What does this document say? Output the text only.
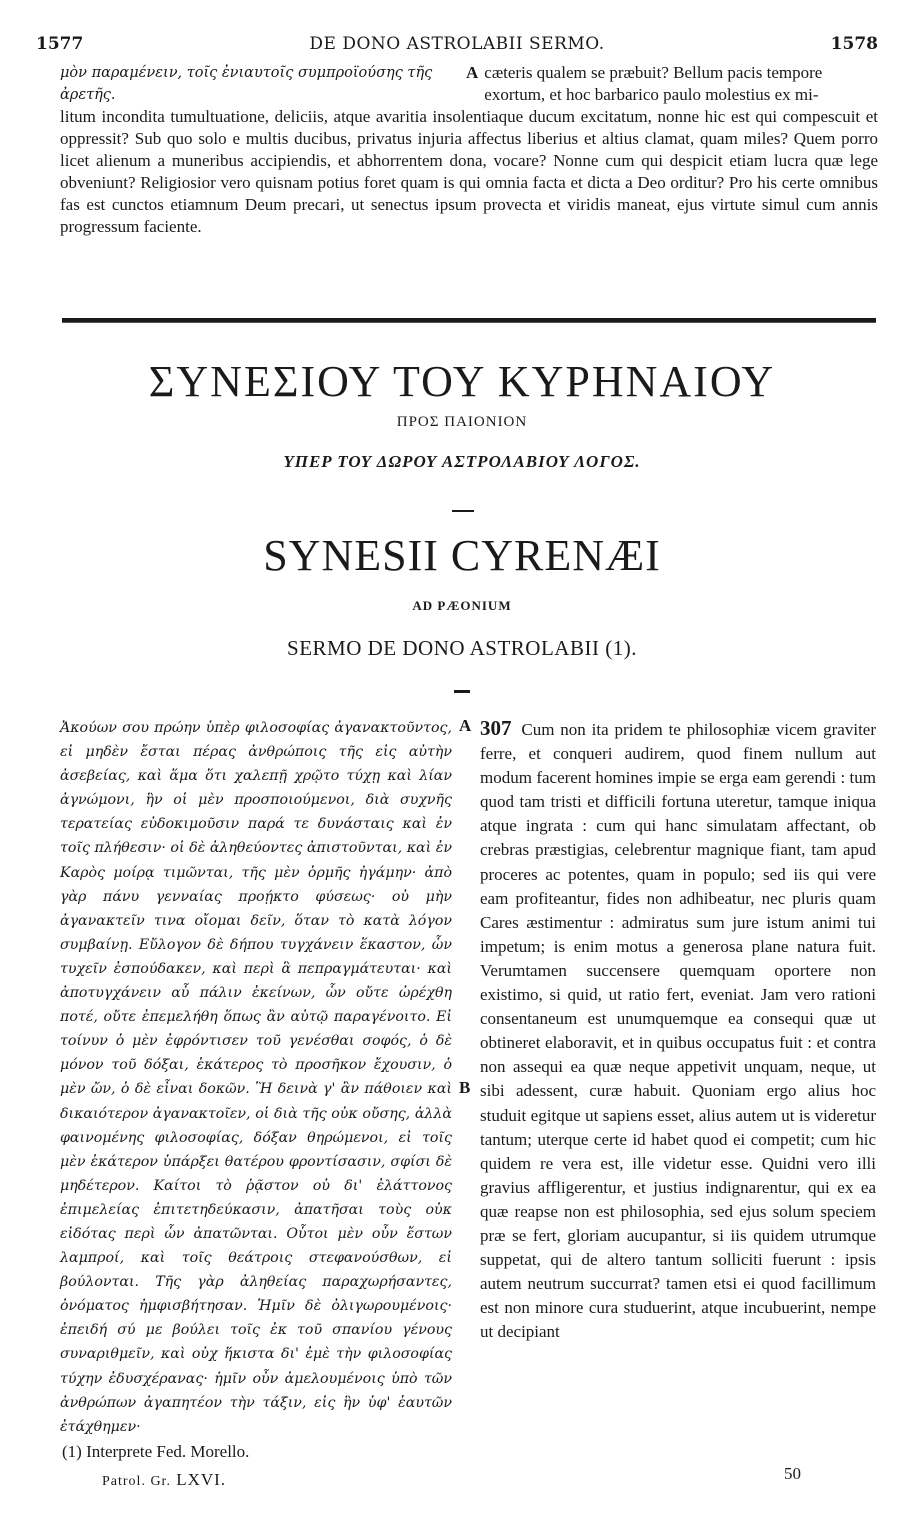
1577	DE DONO ASTROLABII SERMO.	1578
μὸν παραμένειν, τοῖς ἐνιαυτοῖς συμπροϊούσης τῆς
ἀρετῆς.
A cæteris qualem se præbuit? Bellum pacis tempore
exortum, et hoc barbarico paulo molestius ex mi-

litum incondita tumultuatione, deliciis, atque avaritia insolentiaque ducum excitatum, nonne hic est qui compescuit et oppressit? Sub quo solo e multis ducibus, privatus injuria affectus liberius et altius clamat, quam miles? Quem porro licet alienum a muneribus accipiendis, et abhorrentem dona, vocare? Nonne cum qui despicit etiam lucra quæ lege obveniunt? Religiosior vero quisnam potius foret quam is qui omnia facta et dicta a Deo orditur? Pro his certe omnibus fas est cunctos etiamnum Deum precari, ut senectus ipsum provecta et viridis maneat, ejus virtute simul cum annis progressum faciente.

ΣΥΝΕΣΙΟΥ ΤΟΥ ΚΥΡΗΝΑΙΟΥ
ΠΡΟΣ ΠΑΙΟΝΙΟΝ
ΥΠΕΡ ΤΟΥ ΔΩΡΟΥ ΑΣΤΡΟΛΑΒΙΟΥ ΛΟΓΟΣ.
SYNESII CYRENÆI
AD PÆONIUM
SERMO DE DONO ASTROLABII (1).

Ἀκούων σου πρώην ὑπὲρ φιλοσοφίας ἀγανακτοῦντος, εἰ μηδὲν ἔσται πέρας ἀνθρώποις τῆς εἰς αὐτὴν ἀσεβείας, καὶ ἅμα ὅτι χαλεπῇ χρῷτο τύχῃ καὶ λίαν ἀγνώμονι, ἣν οἱ μὲν προσποιούμενοι, διὰ συχνῆς τερατείας εὐδοκιμοῦσιν παρά τε δυνάσταις καὶ ἐν τοῖς πλήθεσιν· οἱ δὲ ἀληθεύοντες ἀπιστοῦνται, καὶ ἐν Καρὸς μοίρᾳ τιμῶνται, τῆς μὲν ὁρμῆς ἠγάμην· ἀπὸ γὰρ πάνυ γενναίας προῄκτο φύσεως· οὐ μὴν ἀγανακτεῖν τινα οἴομαι δεῖν, ὅταν τὸ κατὰ λόγον συμβαίνῃ. Εὔλογον δὲ δήπου τυγχάνειν ἕκαστον, ὧν τυχεῖν ἐσπούδακεν, καὶ περὶ ἃ πεπραγμάτευται· καὶ ἀποτυγχάνειν αὖ πάλιν ἐκείνων, ὧν οὔτε ὠρέχθη ποτέ, οὔτε ἐπεμελήθη ὅπως ἂν αὐτῷ παραγένοιτο. Εἰ τοίνυν ὁ μὲν ἐφρόντισεν τοῦ γενέσθαι σοφός, ὁ δὲ μόνον τοῦ δόξαι, ἑκάτερος τὸ προσῆκον ἔχουσιν, ὁ μὲν ὤν, ὁ δὲ εἶναι δοκῶν. Ἢ δεινὰ γ' ἂν πάθοιεν καὶ δικαιότερον ἀγανακτοῖεν, οἱ διὰ τῆς οὐκ οὔσης, ἀλλὰ φαινομένης φιλοσοφίας, δόξαν θηρώμενοι, εἰ τοῖς μὲν ἑκάτερον ὑπάρξει θατέρου φροντίσασιν, σφίσι δὲ μηδέτερον. Καίτοι τὸ ῥᾷστον οὐ δι' ἐλάττονος ἐπιμελείας ἐπιτετηδεύκασιν, ἀπατῆσαι τοὺς οὐκ εἰδότας περὶ ὧν ἀπατῶνται. Οὗτοι μὲν οὖν ἔστων λαμπροί, καὶ τοῖς θεάτροις στεφανούσθων, εἰ βούλονται. Τῆς γὰρ ἀληθείας παραχωρήσαντες, ὀνόματος ἠμφισβήτησαν. Ἡμῖν δὲ ὀλιγωρουμένοις· ἐπειδή σύ με βούλει τοῖς ἐκ τοῦ σπανίου γένους συναριθμεῖν, καὶ οὐχ ἥκιστα δι' ἐμὲ τὴν φιλοσοφίας τύχην ἐδυσχέρανας· ἡμῖν οὖν ἀμελουμένοις ὑπὸ τῶν ἀνθρώπων ἀγαπητέον τὴν τάξιν, εἰς ἣν ὑφ' ἑαυτῶν ἐτάχθημεν·

A
B

307 Cum non ita pridem te philosophiæ vicem graviter ferre, et conqueri audirem, quod finem nullum aut modum facerent homines impie se erga eam gerendi : tum quod tam tristi et difficili fortuna uteretur, tamque iniqua atque ingrata : cum qui hanc simulatam affectant, ob crebras præstigias, celebrentur magnique fiant, tam apud proceres ac potentes, quam in populo; sed iis qui vere eam profiteantur, fides non adhibeatur, nec pluris quam Cares æstimentur : admiratus sum jure istum animi tui impetum; is enim motus a generosa plane natura fuit. Verumtamen succensere quemquam oportere non existimo, si quid, ut ratio fert, eveniat. Jam vero rationi consentaneum est unumquemque ea consequi quæ ut obtineret elaboravit, et in quibus occupatus fuit : et contra non assequi ea quæ neque appetivit unquam, neque, ut sibi adessent, curæ habuit. Quoniam ergo alius hoc studuit egitque ut sapiens esset, alius autem ut is videretur tantum; uterque certe id habet quod ei competit; cum hic quidem re vera est, ille videtur esse. Quidni vero illi gravius affligerentur, et justius indignarentur, qui ex ea quæ reapse non est philosophia, sed ejus solum speciem præ se fert, gloriam aucupantur, si iis quidem utrumque suppetat, qui de altero tantum solliciti fuerunt : ipsis autem neutrum succurrat? tamen etsi ei quod facillimum est non minore cura studuerint, atque incubuerint, nempe ut decipiant

(1) Interprete Fed. Morello.
Patrol. Gr. LXVI.	50
